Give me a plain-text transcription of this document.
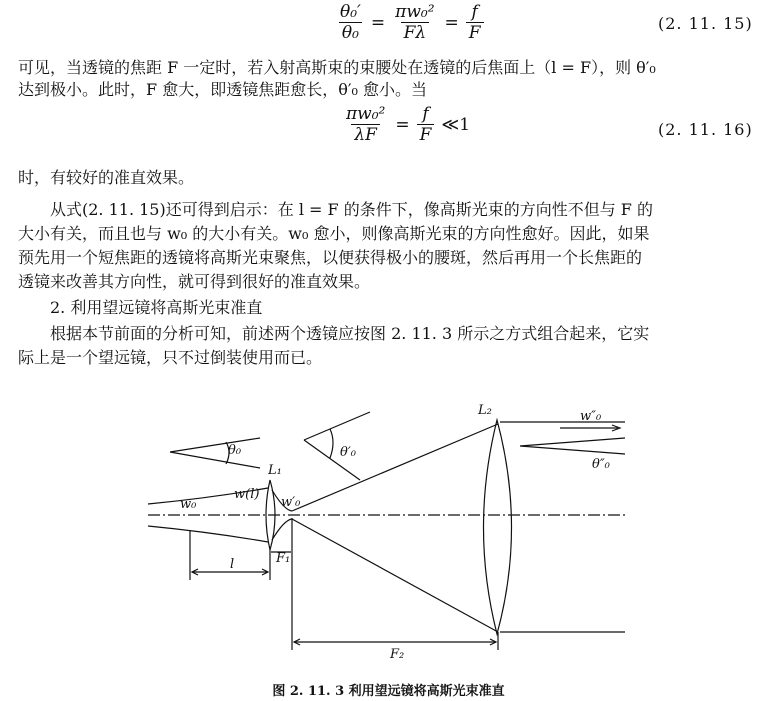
$\frac{\text{θ₀′}}{\text{θ₀}} = \frac{\text{πw₀²}}{F\lambda} = \frac{f}{F}$	(2. 11. 15)
可见，当透镜的焦距 F 一定时，若入射高斯束的束腰处在透镜的后焦面上（l = F），则 θ′₀
达到极小。此时，F 愈大，即透镜焦距愈长，θ′₀ 愈小。当
$\frac{\text{πw₀²}}{\lambda F} = \frac{f}{F}$ ≪1	(2. 11. 16)
时，有较好的准直效果。
从式(2. 11. 15)还可得到启示：在 l = F 的条件下，像高斯光束的方向性不但与 F 的
大小有关，而且也与 w₀ 的大小有关。w₀ 愈小，则像高斯光束的方向性愈好。因此，如果
预先用一个短焦距的透镜将高斯光束聚焦，以便获得极小的腰斑，然后再用一个长焦距的
透镜来改善其方向性，就可得到很好的准直效果。
2. 利用望远镜将高斯光束准直
根据本节前面的分析可知，前述两个透镜应按图 2. 11. 3 所示之方式组合起来，它实
际上是一个望远镜，只不过倒装使用而已。
θ₀	θ′₀
θ″₀
w₀
w(l)
L₁
w′₀
F₁
l
L₂	w″₀
F₂
图 2. 11. 3 利用望远镜将高斯光束准直
